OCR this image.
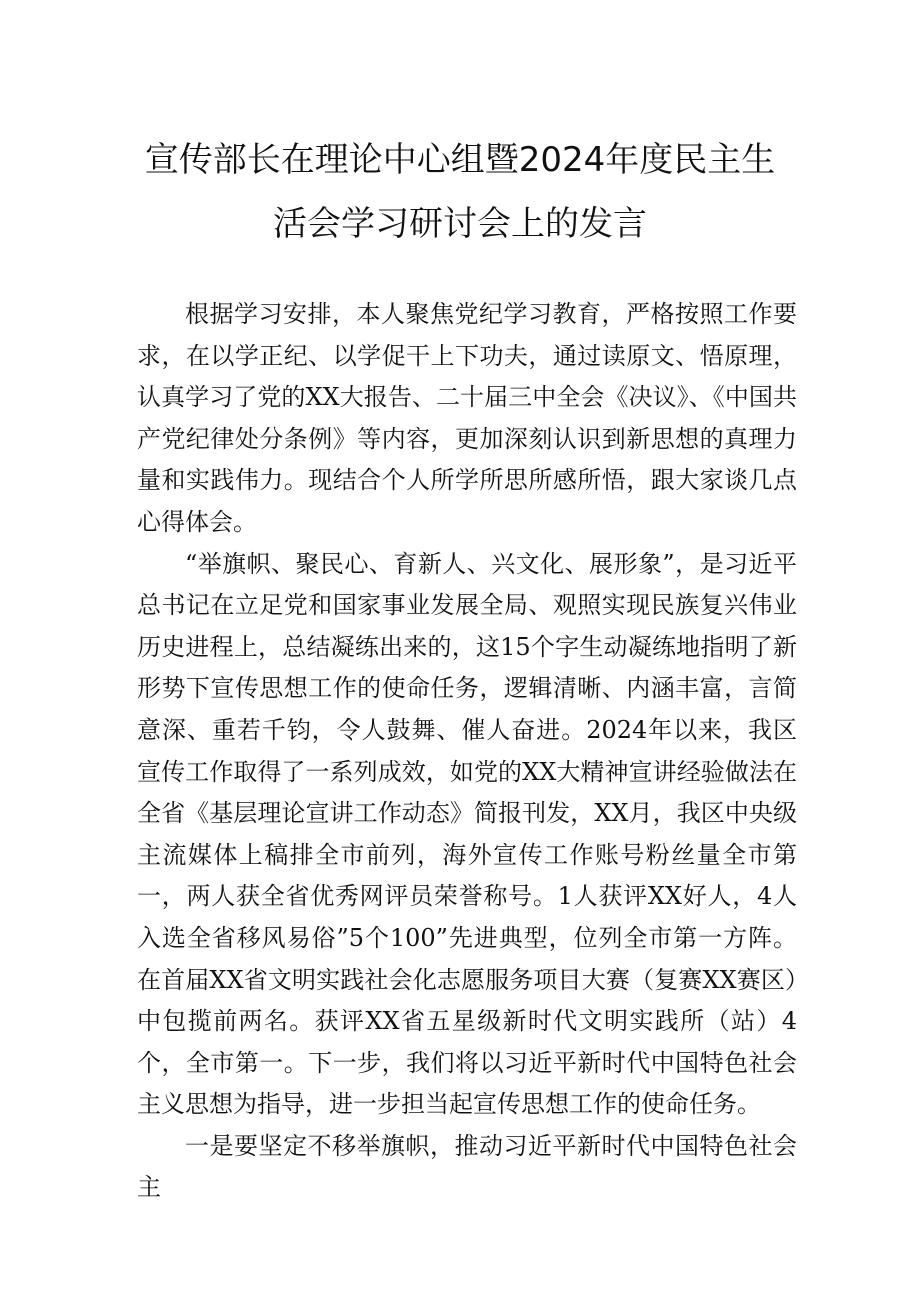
宣传部长在理论中心组暨2024年度民主生
活会学习研讨会上的发言

根据学习安排，本人聚焦党纪学习教育，严格按照工作要求，在以学正纪、以学促干上下功夫，通过读原文、悟原理，认真学习了党的XX大报告、二十届三中全会《决议》、《中国共产党纪律处分条例》等内容，更加深刻认识到新思想的真理力量和实践伟力。现结合个人所学所思所感所悟，跟大家谈几点心得体会。

“举旗帜、聚民心、育新人、兴文化、展形象”，是习近平总书记在立足党和国家事业发展全局、观照实现民族复兴伟业历史进程上，总结凝练出来的，这15个字生动凝练地指明了新形势下宣传思想工作的使命任务，逻辑清晰、内涵丰富，言简意深、重若千钧，令人鼓舞、催人奋进。2024年以来，我区宣传工作取得了一系列成效，如党的XX大精神宣讲经验做法在全省《基层理论宣讲工作动态》简报刊发，XX月，我区中央级主流媒体上稿排全市前列，海外宣传工作账号粉丝量全市第一，两人获全省优秀网评员荣誉称号。1人获评XX好人，4人入选全省移风易俗”5个100”先进典型，位列全市第一方阵。在首届XX省文明实践社会化志愿服务项目大赛（复赛XX赛区）中包揽前两名。获评XX省五星级新时代文明实践所（站）4个，全市第一。下一步，我们将以习近平新时代中国特色社会主义思想为指导，进一步担当起宣传思想工作的使命任务。

一是要坚定不移举旗帜，推动习近平新时代中国特色社会主
